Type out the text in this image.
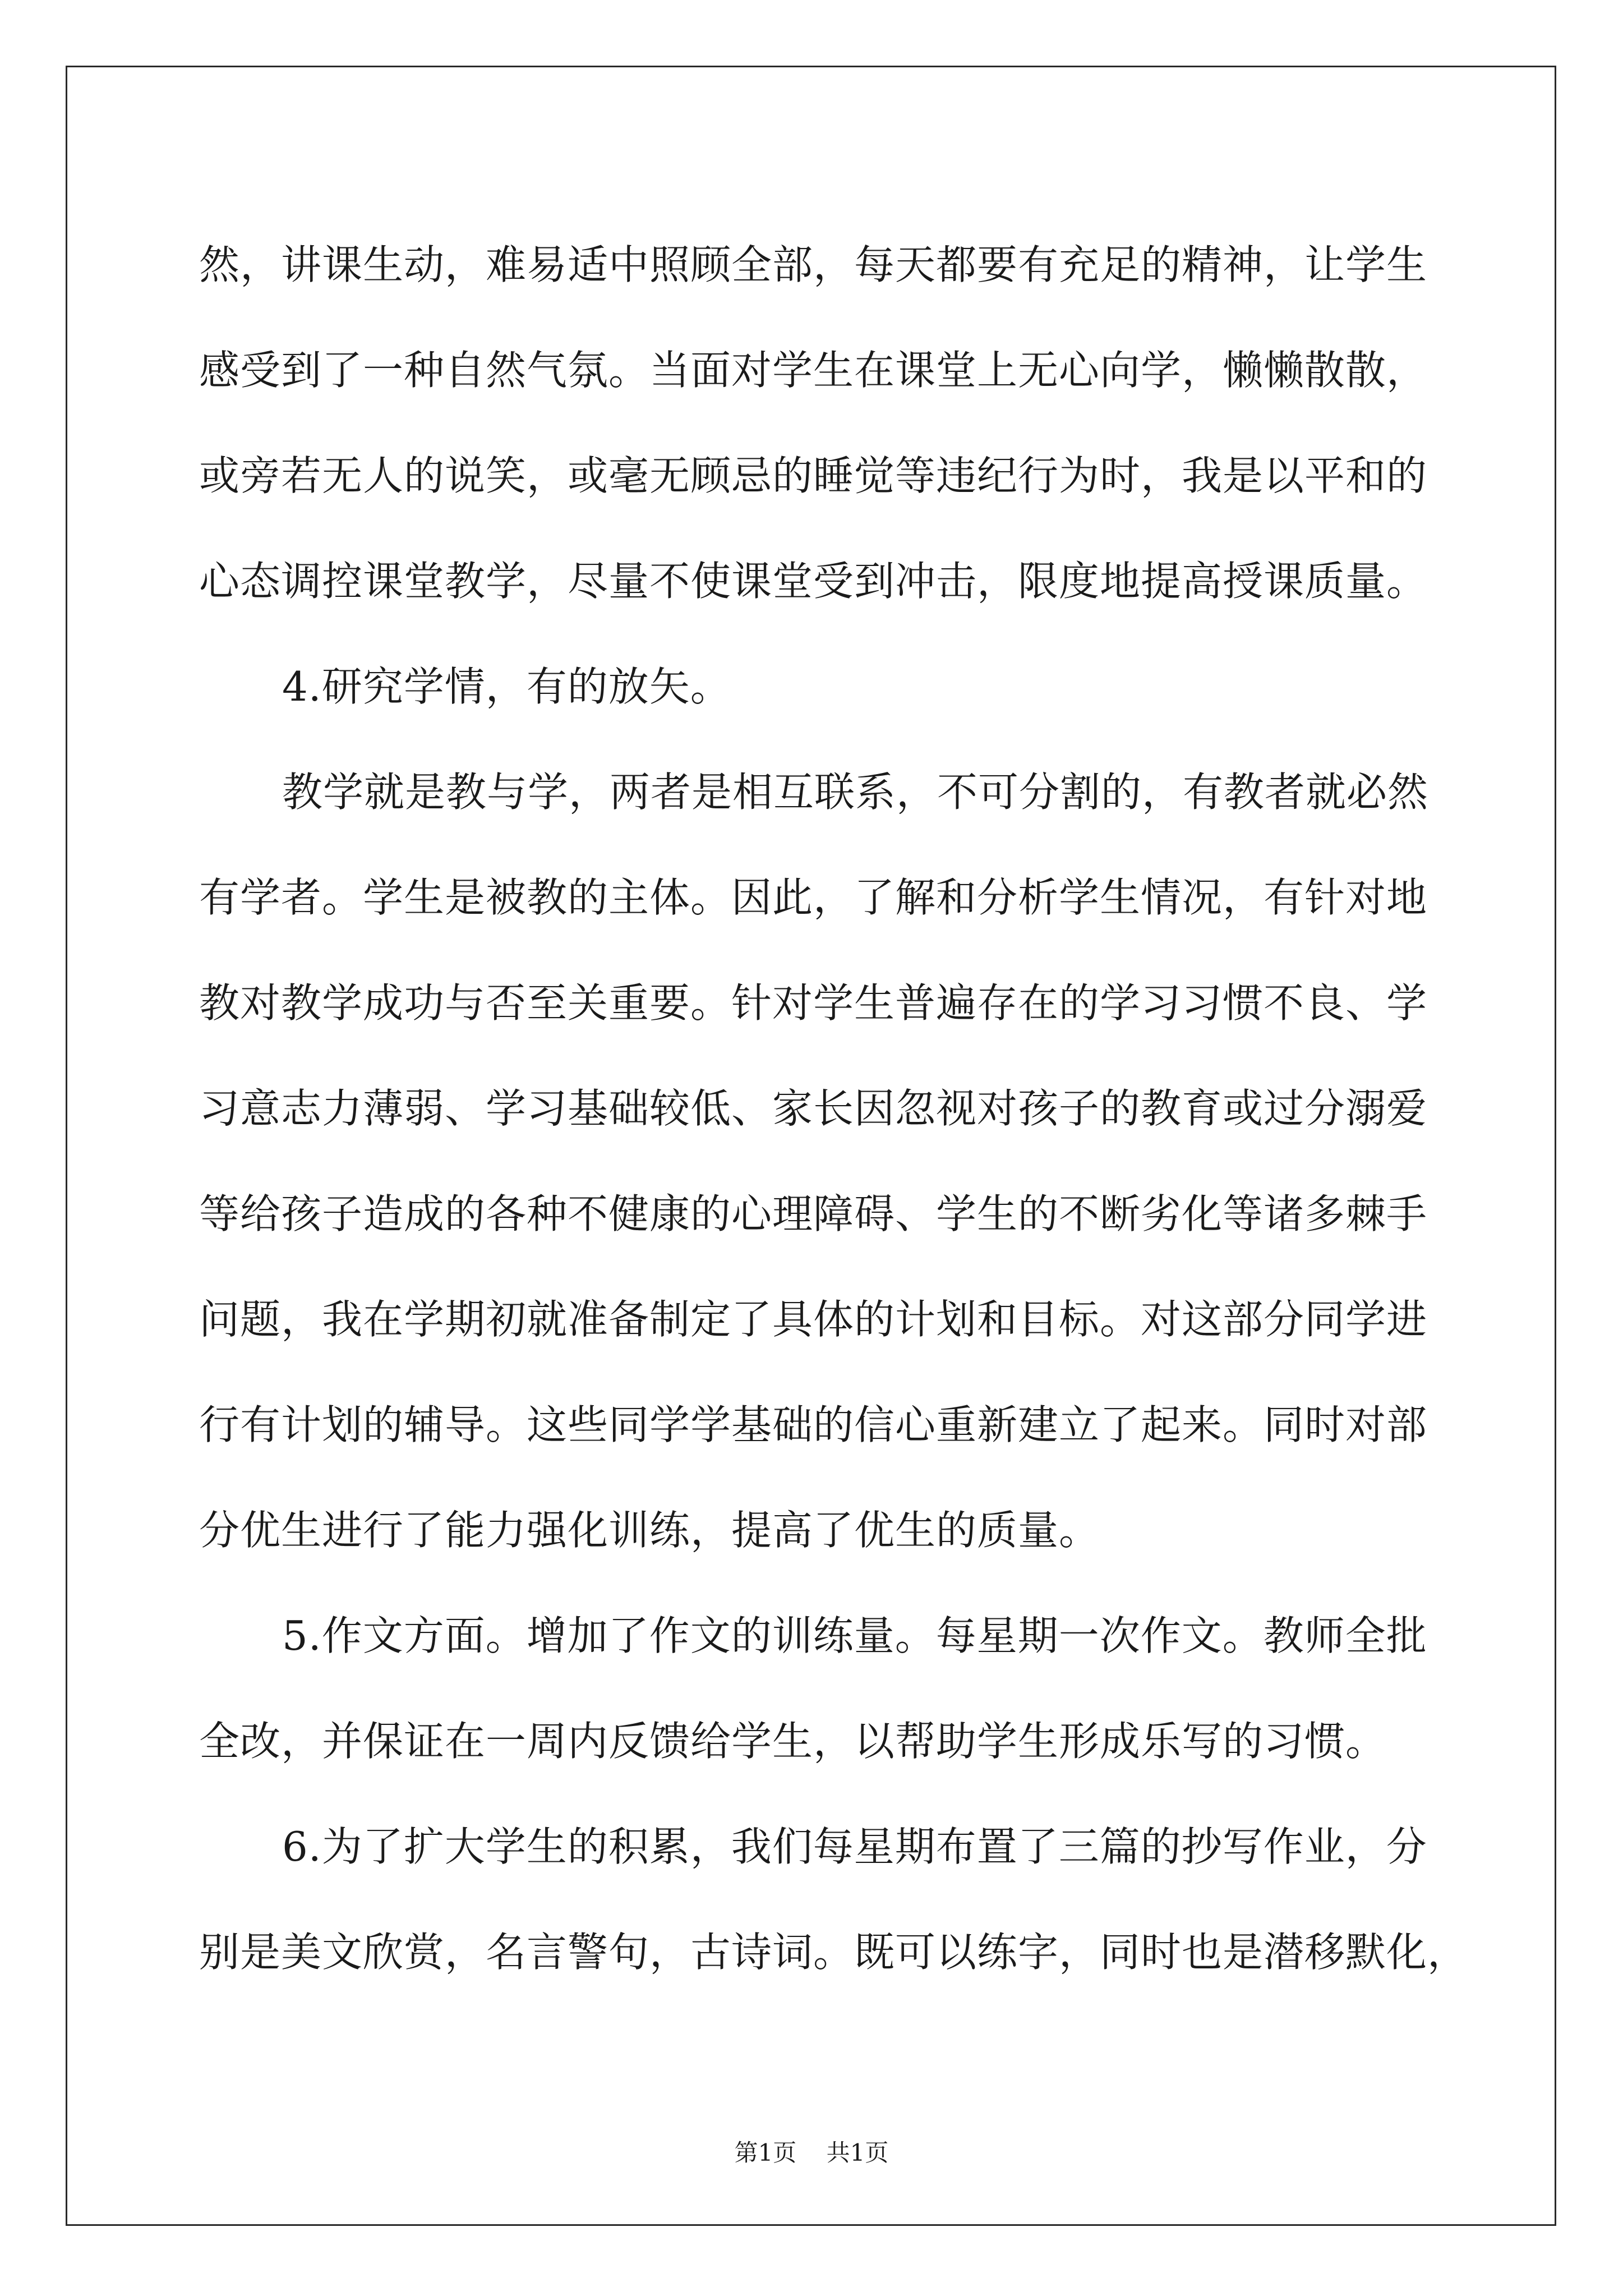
然，讲课生动，难易适中照顾全部，每天都要有充足的精神，让学生
感受到了一种自然气氛。当面对学生在课堂上无心向学，懒懒散散，
或旁若无人的说笑，或毫无顾忌的睡觉等违纪行为时，我是以平和的
心态调控课堂教学，尽量不使课堂受到冲击，限度地提高授课质量。
4.研究学情，有的放矢。
教学就是教与学，两者是相互联系，不可分割的，有教者就必然
有学者。学生是被教的主体。因此，了解和分析学生情况，有针对地
教对教学成功与否至关重要。针对学生普遍存在的学习习惯不良、学
习意志力薄弱、学习基础较低、家长因忽视对孩子的教育或过分溺爱
等给孩子造成的各种不健康的心理障碍、学生的不断劣化等诸多棘手
问题，我在学期初就准备制定了具体的计划和目标。对这部分同学进
行有计划的辅导。这些同学学基础的信心重新建立了起来。同时对部
分优生进行了能力强化训练，提高了优生的质量。
5.作文方面。增加了作文的训练量。每星期一次作文。教师全批
全改，并保证在一周内反馈给学生，以帮助学生形成乐写的习惯。
6.为了扩大学生的积累，我们每星期布置了三篇的抄写作业，分
别是美文欣赏，名言警句，古诗词。既可以练字，同时也是潜移默化，
第1页    共1页
